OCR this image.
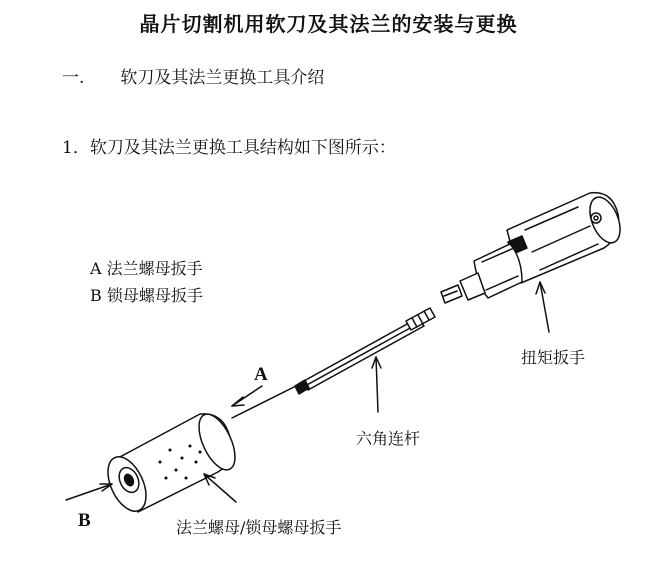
晶片切割机用软刀及其法兰的安装与更换
一. 软刀及其法兰更换工具介绍
1．软刀及其法兰更换工具结构如下图所示：
A 法兰螺母扳手
B 锁母螺母扳手
扭矩扳手
六角连杆
法兰螺母/锁母螺母扳手
A
B
